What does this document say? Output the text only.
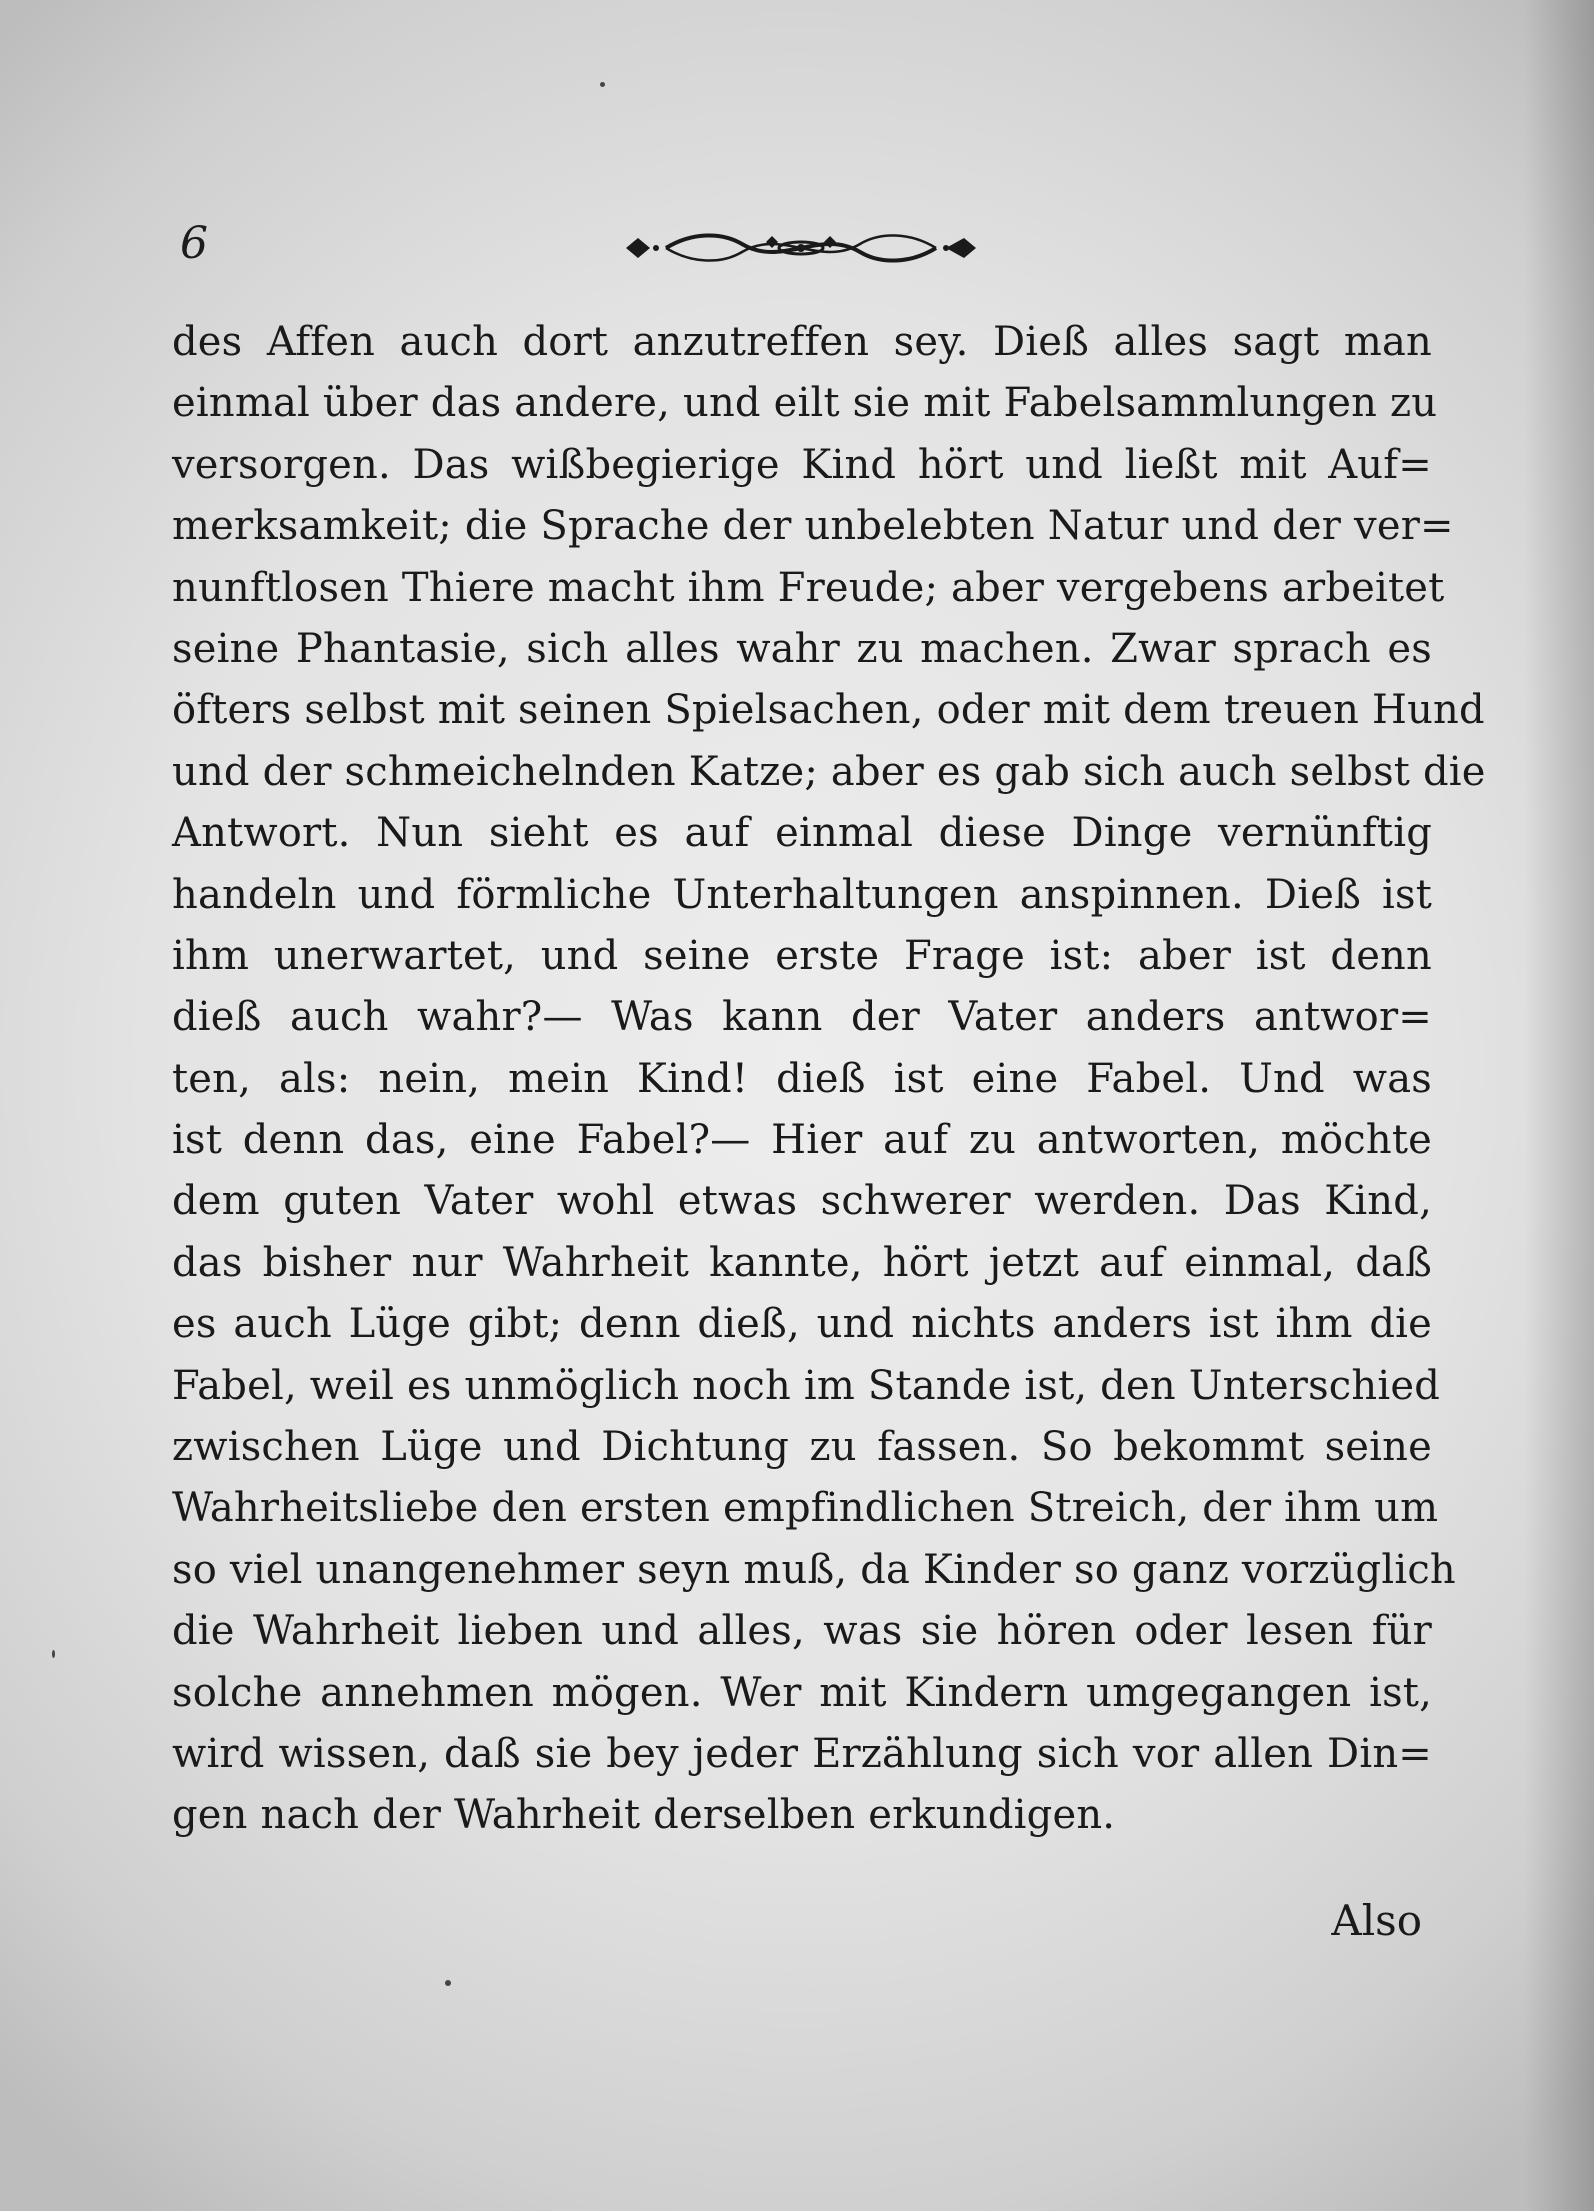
6
des Affen auch dort anzutreffen sey. Dieß alles sagt man
einmal über das andere, und eilt sie mit Fabelsammlungen zu
versorgen. Das wißbegierige Kind hört und ließt mit Auf=
merksamkeit; die Sprache der unbelebten Natur und der ver=
nunftlosen Thiere macht ihm Freude; aber vergebens arbeitet
seine Phantasie, sich alles wahr zu machen. Zwar sprach es
öfters selbst mit seinen Spielsachen, oder mit dem treuen Hund
und der schmeichelnden Katze; aber es gab sich auch selbst die
Antwort. Nun sieht es auf einmal diese Dinge vernünftig
handeln und förmliche Unterhaltungen anspinnen. Dieß ist
ihm unerwartet, und seine erste Frage ist: aber ist denn
dieß auch wahr?— Was kann der Vater anders antwor=
ten, als: nein, mein Kind! dieß ist eine Fabel. Und was
ist denn das, eine Fabel?— Hier auf zu antworten, möchte
dem guten Vater wohl etwas schwerer werden. Das Kind,
das bisher nur Wahrheit kannte, hört jetzt auf einmal, daß
es auch Lüge gibt; denn dieß, und nichts anders ist ihm die
Fabel, weil es unmöglich noch im Stande ist, den Unterschied
zwischen Lüge und Dichtung zu fassen. So bekommt seine
Wahrheitsliebe den ersten empfindlichen Streich, der ihm um
so viel unangenehmer seyn muß, da Kinder so ganz vorzüglich
die Wahrheit lieben und alles, was sie hören oder lesen für
solche annehmen mögen. Wer mit Kindern umgegangen ist,
wird wissen, daß sie bey jeder Erzählung sich vor allen Din=
gen nach der Wahrheit derselben erkundigen.
Also
